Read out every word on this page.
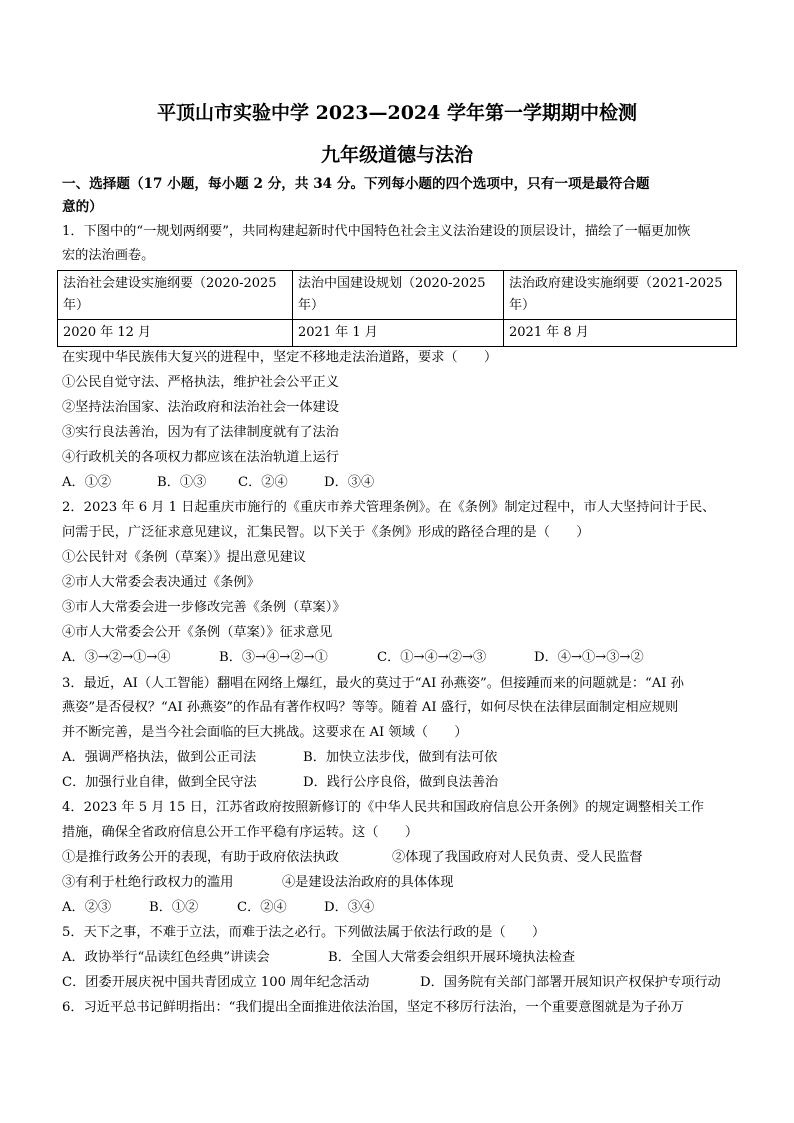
平顶山市实验中学 2023—2024 学年第一学期期中检测
九年级道德与法治
一、选择题（17 小题，每小题 2 分，共 34 分。下列每小题的四个选项中，只有一项是最符合题
意的）
1．下图中的“一规划两纲要”，共同构建起新时代中国特色社会主义法治建设的顶层设计，描绘了一幅更加恢
宏的法治画卷。
法治社会建设实施纲要（2020-2025 年）	法治中国建设规划（2020-2025 年）	法治政府建设实施纲要（2021-2025 年）
2020 年 12 月	2021 年 1 月	2021 年 8 月
在实现中华民族伟大复兴的进程中，坚定不移地走法治道路，要求（　　）
①公民自觉守法、严格执法，维护社会公平正义
②坚持法治国家、法治政府和法治社会一体建设
③实行良法善治，因为有了法律制度就有了法治
④行政机关的各项权力都应该在法治轨道上运行
A．①②	B．①③ C．②④	D．③④
2．2023 年 6 月 1 日起重庆市施行的《重庆市养犬管理条例》。在《条例》制定过程中，市人大坚持问计于民、
问需于民，广泛征求意见建议，汇集民智。以下关于《条例》形成的路径合理的是（　　）
①公民针对《条例（草案）》提出意见建议
②市人大常委会表决通过《条例》
③市人大常委会进一步修改完善《条例（草案）》
④市人大常委会公开《条例（草案）》征求意见
A．③→②→①→④	B．③→④→②→①	C．①→④→②→③	D．④→①→③→②
3．最近，AI（人工智能）翻唱在网络上爆红，最火的莫过于“AI 孙燕姿”。但接踵而来的问题就是：“AI 孙
燕姿”是否侵权？“AI 孙燕姿”的作品有著作权吗？等等。随着 AI 盛行，如何尽快在法律层面制定相应规则
并不断完善，是当今社会面临的巨大挑战。这要求在 AI 领域（　　）
A．强调严格执法，做到公正司法	B．加快立法步伐，做到有法可依
C．加强行业自律，做到全民守法	D．践行公序良俗，做到良法善治
4．2023 年 5 月 15 日，江苏省政府按照新修订的《中华人民共和国政府信息公开条例》的规定调整相关工作
措施，确保全省政府信息公开工作平稳有序运转。这（　　）
①是推行政务公开的表现，有助于政府依法执政	②体现了我国政府对人民负责、受人民监督
③有利于杜绝行政权力的滥用	④是建设法治政府的具体体现
A．②③	B．①②	C．②④	D．③④
5．天下之事，不难于立法，而难于法之必行。下列做法属于依法行政的是（　　）
A．政协举行“品读红色经典”讲读会	B．全国人大常委会组织开展环境执法检查
C．团委开展庆祝中国共青团成立 100 周年纪念活动	D．国务院有关部门部署开展知识产权保护专项行动
6．习近平总书记鲜明指出：“我们提出全面推进依法治国，坚定不移厉行法治，一个重要意图就是为子孙万
